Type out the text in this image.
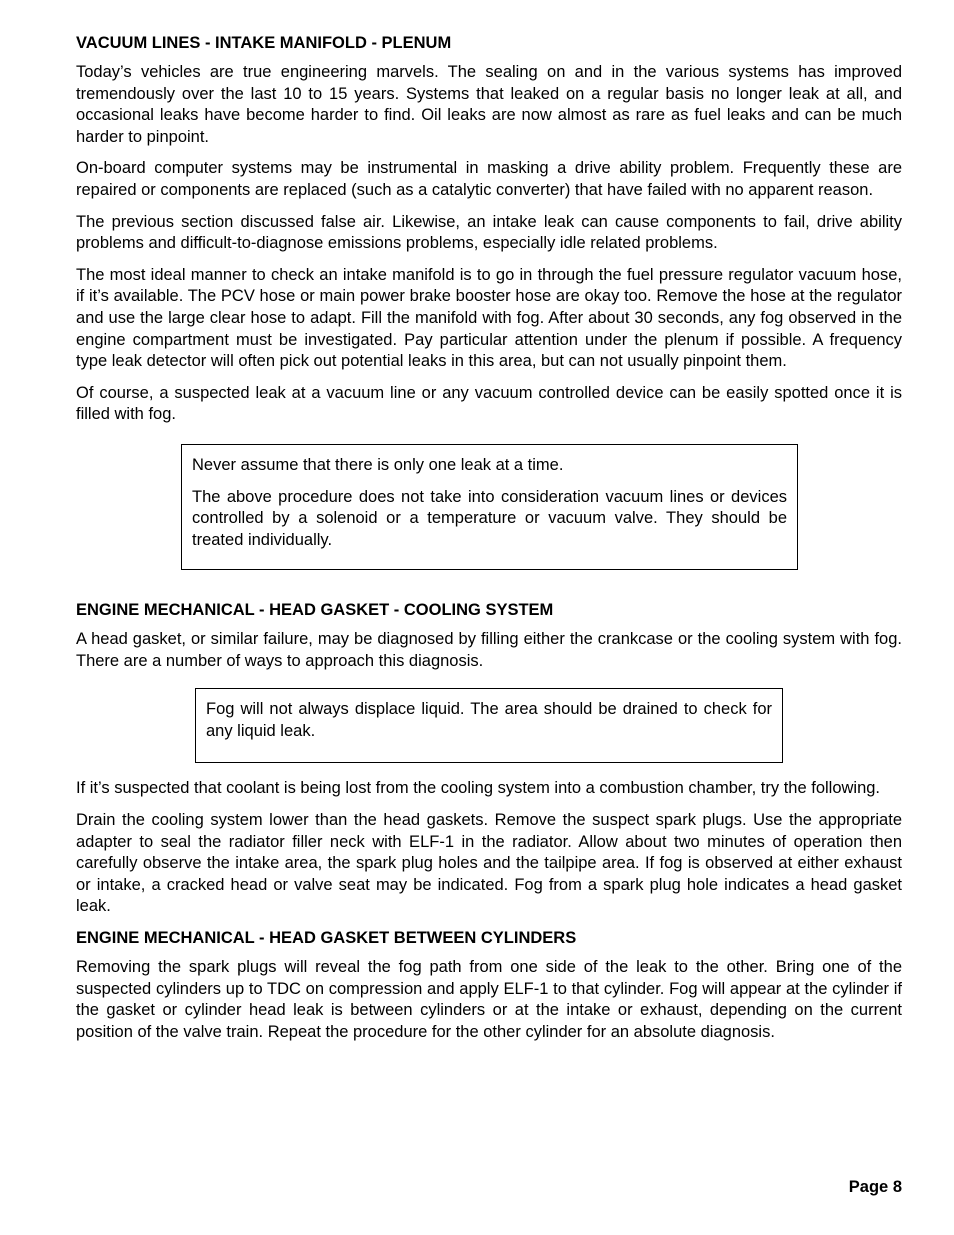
VACUUM LINES - INTAKE MANIFOLD - PLENUM

Today’s vehicles are true engineering marvels. The sealing on and in the various systems has improved tremendously over the last 10 to 15 years. Systems that leaked on a regular basis no longer leak at all, and occasional leaks have become harder to find. Oil leaks are now almost as rare as fuel leaks and can be much harder to pinpoint.

On-board computer systems may be instrumental in masking a drive ability problem. Frequently these are repaired or components are replaced (such as a catalytic converter) that have failed with no apparent reason.

The previous section discussed false air. Likewise, an intake leak can cause components to fail, drive ability problems and difficult-to-diagnose emissions problems, especially idle related problems.

The most ideal manner to check an intake manifold is to go in through the fuel pressure regulator vacuum hose, if it’s available. The PCV hose or main power brake booster hose are okay too. Remove the hose at the regulator and use the large clear hose to adapt. Fill the manifold with fog. After about 30 seconds, any fog observed in the engine compartment must be investigated. Pay particular attention under the plenum if possible. A frequency type leak detector will often pick out potential leaks in this area, but can not usually pinpoint them.

Of course, a suspected leak at a vacuum line or any vacuum controlled device can be easily spotted once it is filled with fog.

Never assume that there is only one leak at a time.

The above procedure does not take into consideration vacuum lines or devices controlled by a solenoid or a temperature or vacuum valve. They should be treated individually.

ENGINE MECHANICAL - HEAD GASKET - COOLING SYSTEM

A head gasket, or similar failure, may be diagnosed by filling either the crankcase or the cooling system with fog. There are a number of ways to approach this diagnosis.

Fog will not always displace liquid. The area should be drained to check for any liquid leak.

If it’s suspected that coolant is being lost from the cooling system into a combustion chamber, try the following.

Drain the cooling system lower than the head gaskets. Remove the suspect spark plugs. Use the appropriate adapter to seal the radiator filler neck with ELF-1 in the radiator. Allow about two minutes of operation then carefully observe the intake area, the spark plug holes and the tailpipe area. If fog is observed at either exhaust or intake, a cracked head or valve seat may be indicated. Fog from a spark plug hole indicates a head gasket leak.

ENGINE MECHANICAL - HEAD GASKET BETWEEN CYLINDERS

Removing the spark plugs will reveal the fog path from one side of the leak to the other. Bring one of the suspected cylinders up to TDC on compression and apply ELF-1 to that cylinder. Fog will appear at the cylinder if the gasket or cylinder head leak is between cylinders or at the intake or exhaust, depending on the current position of the valve train. Repeat the procedure for the other cylinder for an absolute diagnosis.

Page 8
